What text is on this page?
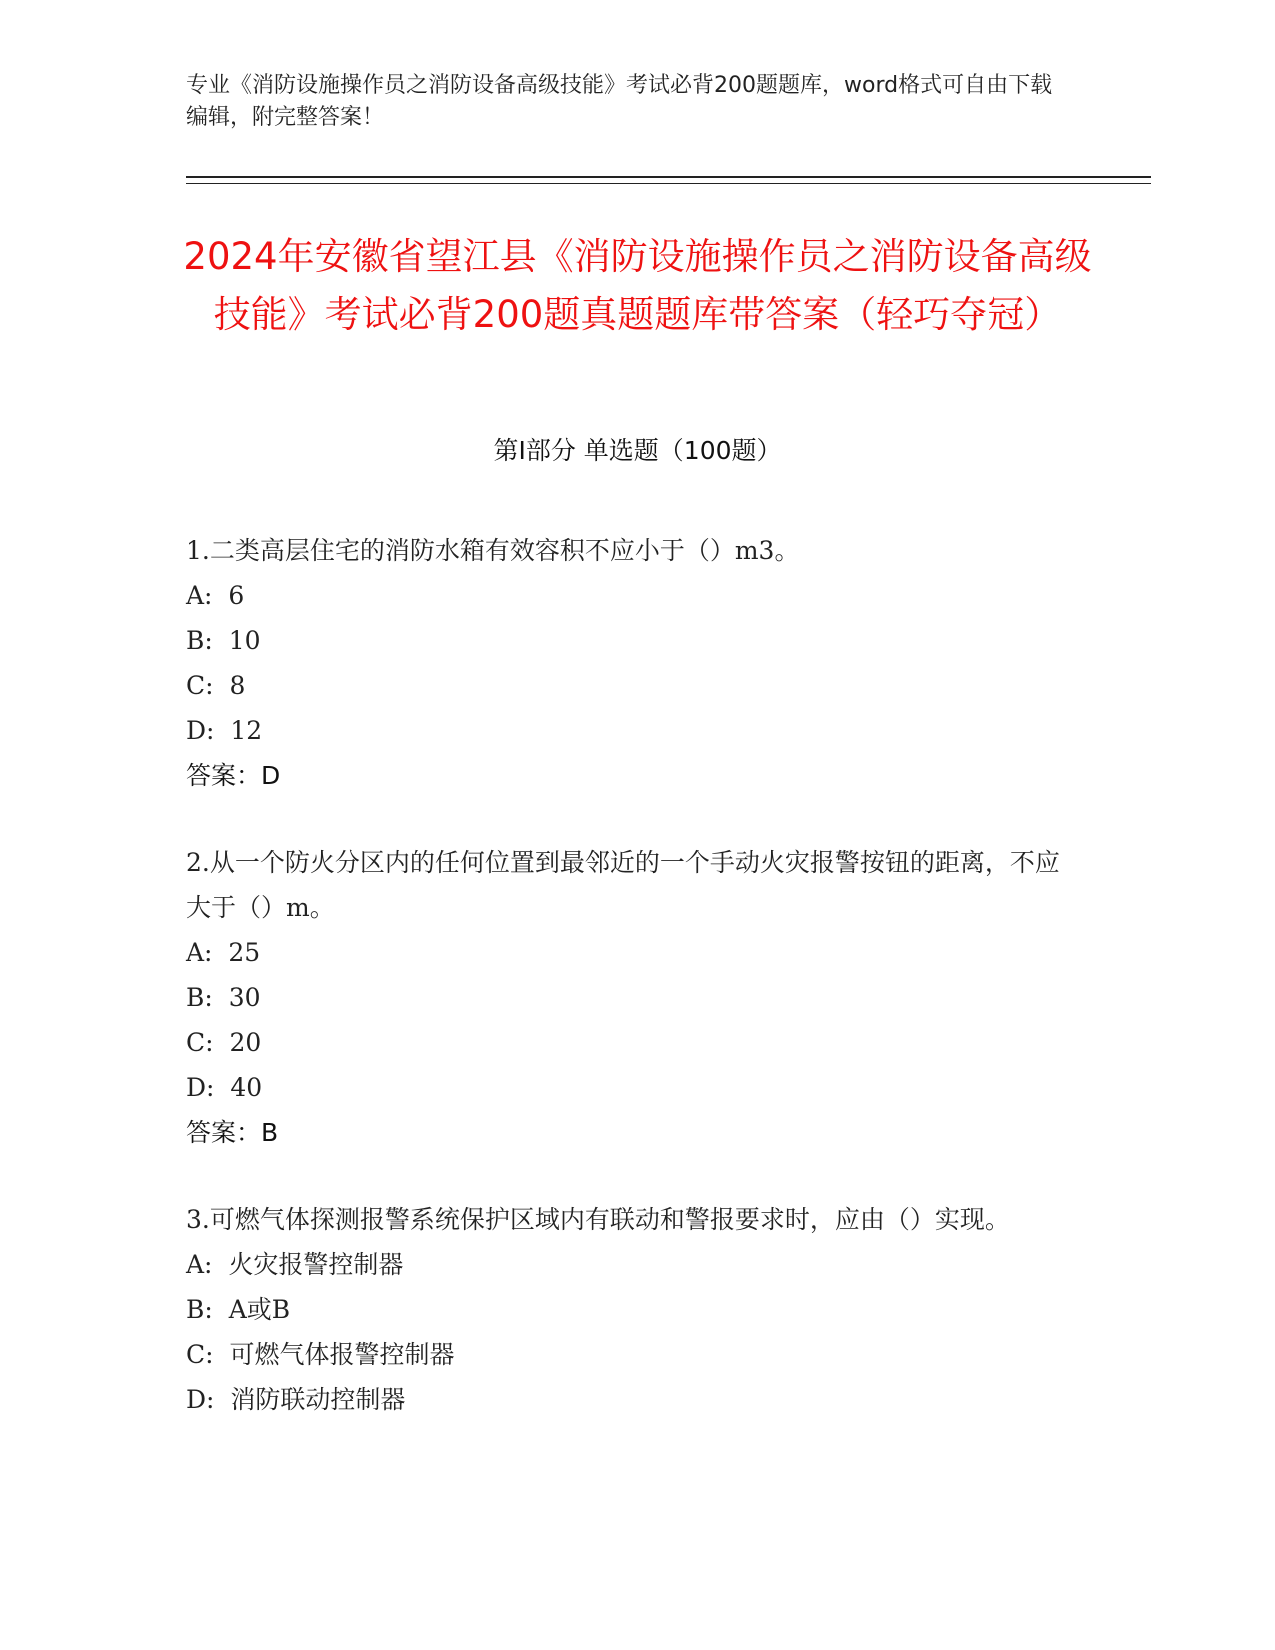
专业《消防设施操作员之消防设备高级技能》考试必背200题题库，word格式可自由下载编辑，附完整答案！
2024年安徽省望江县《消防设施操作员之消防设备高级技能》考试必背200题真题题库带答案（轻巧夺冠）
第I部分 单选题（100题）
1.二类高层住宅的消防水箱有效容积不应小于（）m3。
A:  6
B:  10
C:  8
D:  12
答案：D
2.从一个防火分区内的任何位置到最邻近的一个手动火灾报警按钮的距离，不应大于（）m。
A:  25
B:  30
C:  20
D:  40
答案：B
3.可燃气体探测报警系统保护区域内有联动和警报要求时，应由（）实现。
A:  火灾报警控制器
B:  A或B
C:  可燃气体报警控制器
D:  消防联动控制器
